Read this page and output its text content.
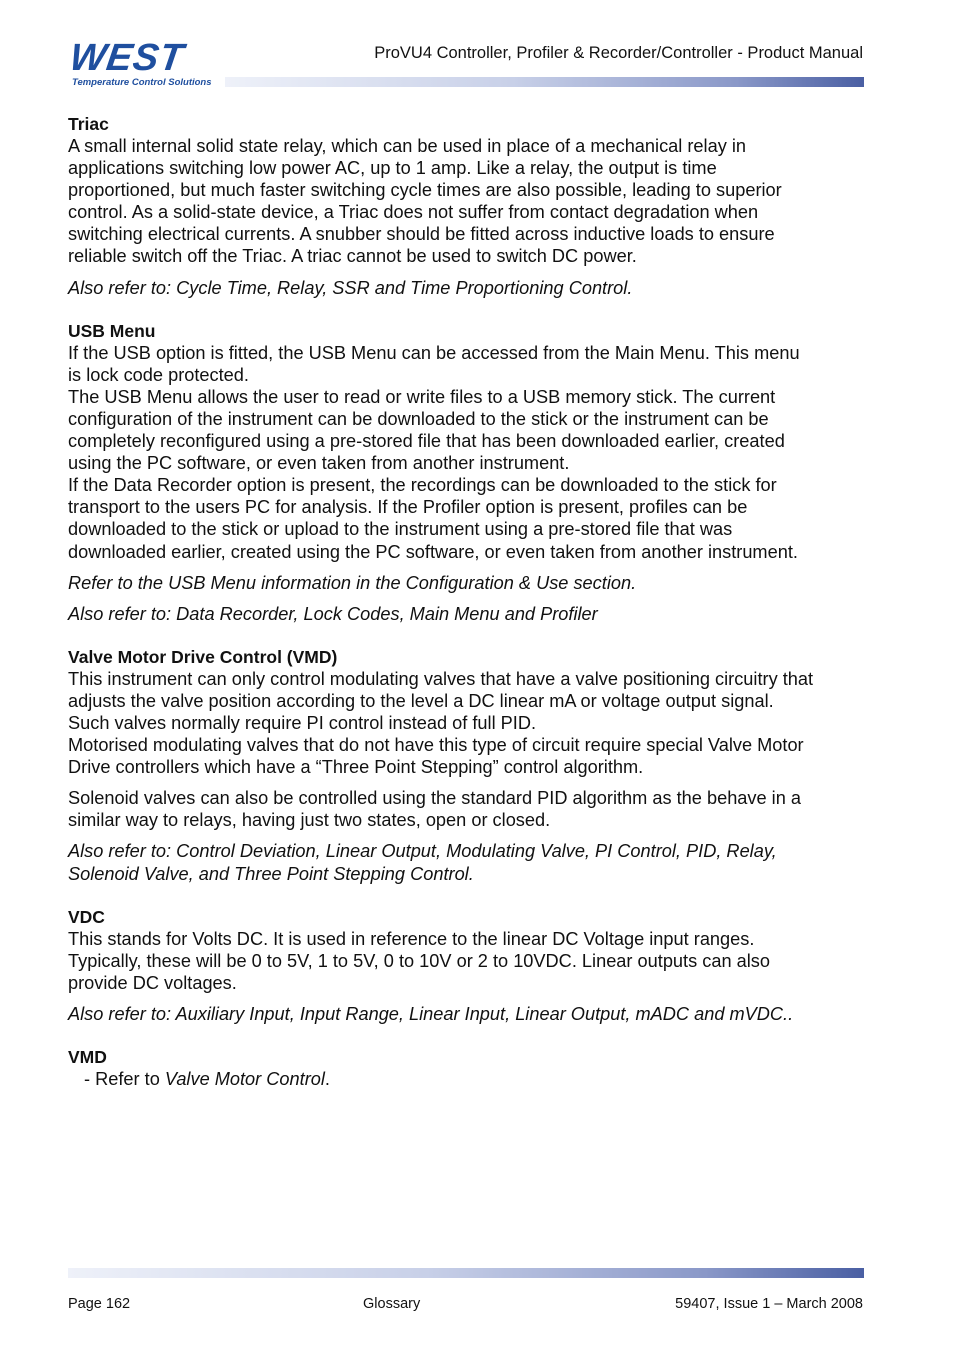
WEST
Temperature Control Solutions
ProVU4 Controller, Profiler & Recorder/Controller - Product Manual
Triac

A small internal solid state relay, which can be used in place of a mechanical relay in

applications switching low power AC, up to 1 amp. Like a relay, the output is time

proportioned, but much faster switching cycle times are also possible, leading to superior

control. As a solid-state device, a Triac does not suffer from contact degradation when

switching electrical currents. A snubber should be fitted across inductive loads to ensure

reliable switch off the Triac. A triac cannot be used to switch DC power.

Also refer to: Cycle Time, Relay, SSR and Time Proportioning Control.

USB Menu

If the USB option is fitted, the USB Menu can be accessed from the Main Menu. This menu

is lock code protected.

The USB Menu allows the user to read or write files to a USB memory stick. The current

configuration of the instrument can be downloaded to the stick or the instrument can be

completely reconfigured using a pre-stored file that has been downloaded earlier, created

using the PC software, or even taken from another instrument.

If the Data Recorder option is present, the recordings can be downloaded to the stick for

transport to the users PC for analysis. If the Profiler option is present, profiles can be

downloaded to the stick or upload to the instrument using a pre-stored file that was

downloaded earlier, created using the PC software, or even taken from another instrument.

Refer to the USB Menu information in the Configuration & Use section.

Also refer to: Data Recorder, Lock Codes, Main Menu and Profiler

Valve Motor Drive Control (VMD)

This instrument can only control modulating valves that have a valve positioning circuitry that

adjusts the valve position according to the level a DC linear mA or voltage output signal.

Such valves normally require PI control instead of full PID.

Motorised modulating valves that do not have this type of circuit require special Valve Motor

Drive controllers which have a “Three Point Stepping” control algorithm.

Solenoid valves can also be controlled using the standard PID algorithm as the behave in a

similar way to relays, having just two states, open or closed.

Also refer to: Control Deviation, Linear Output, Modulating Valve, PI Control, PID, Relay,

Solenoid Valve, and Three Point Stepping Control.

VDC

This stands for Volts DC. It is used in reference to the linear DC Voltage input ranges.

Typically, these will be 0 to 5V, 1 to 5V, 0 to 10V or 2 to 10VDC. Linear outputs can also

provide DC voltages.

Also refer to: Auxiliary Input, Input Range, Linear Input, Linear Output, mADC and mVDC..

VMD

- Refer to Valve Motor Control.

Page 162	Glossary	59407, Issue 1 – March 2008
